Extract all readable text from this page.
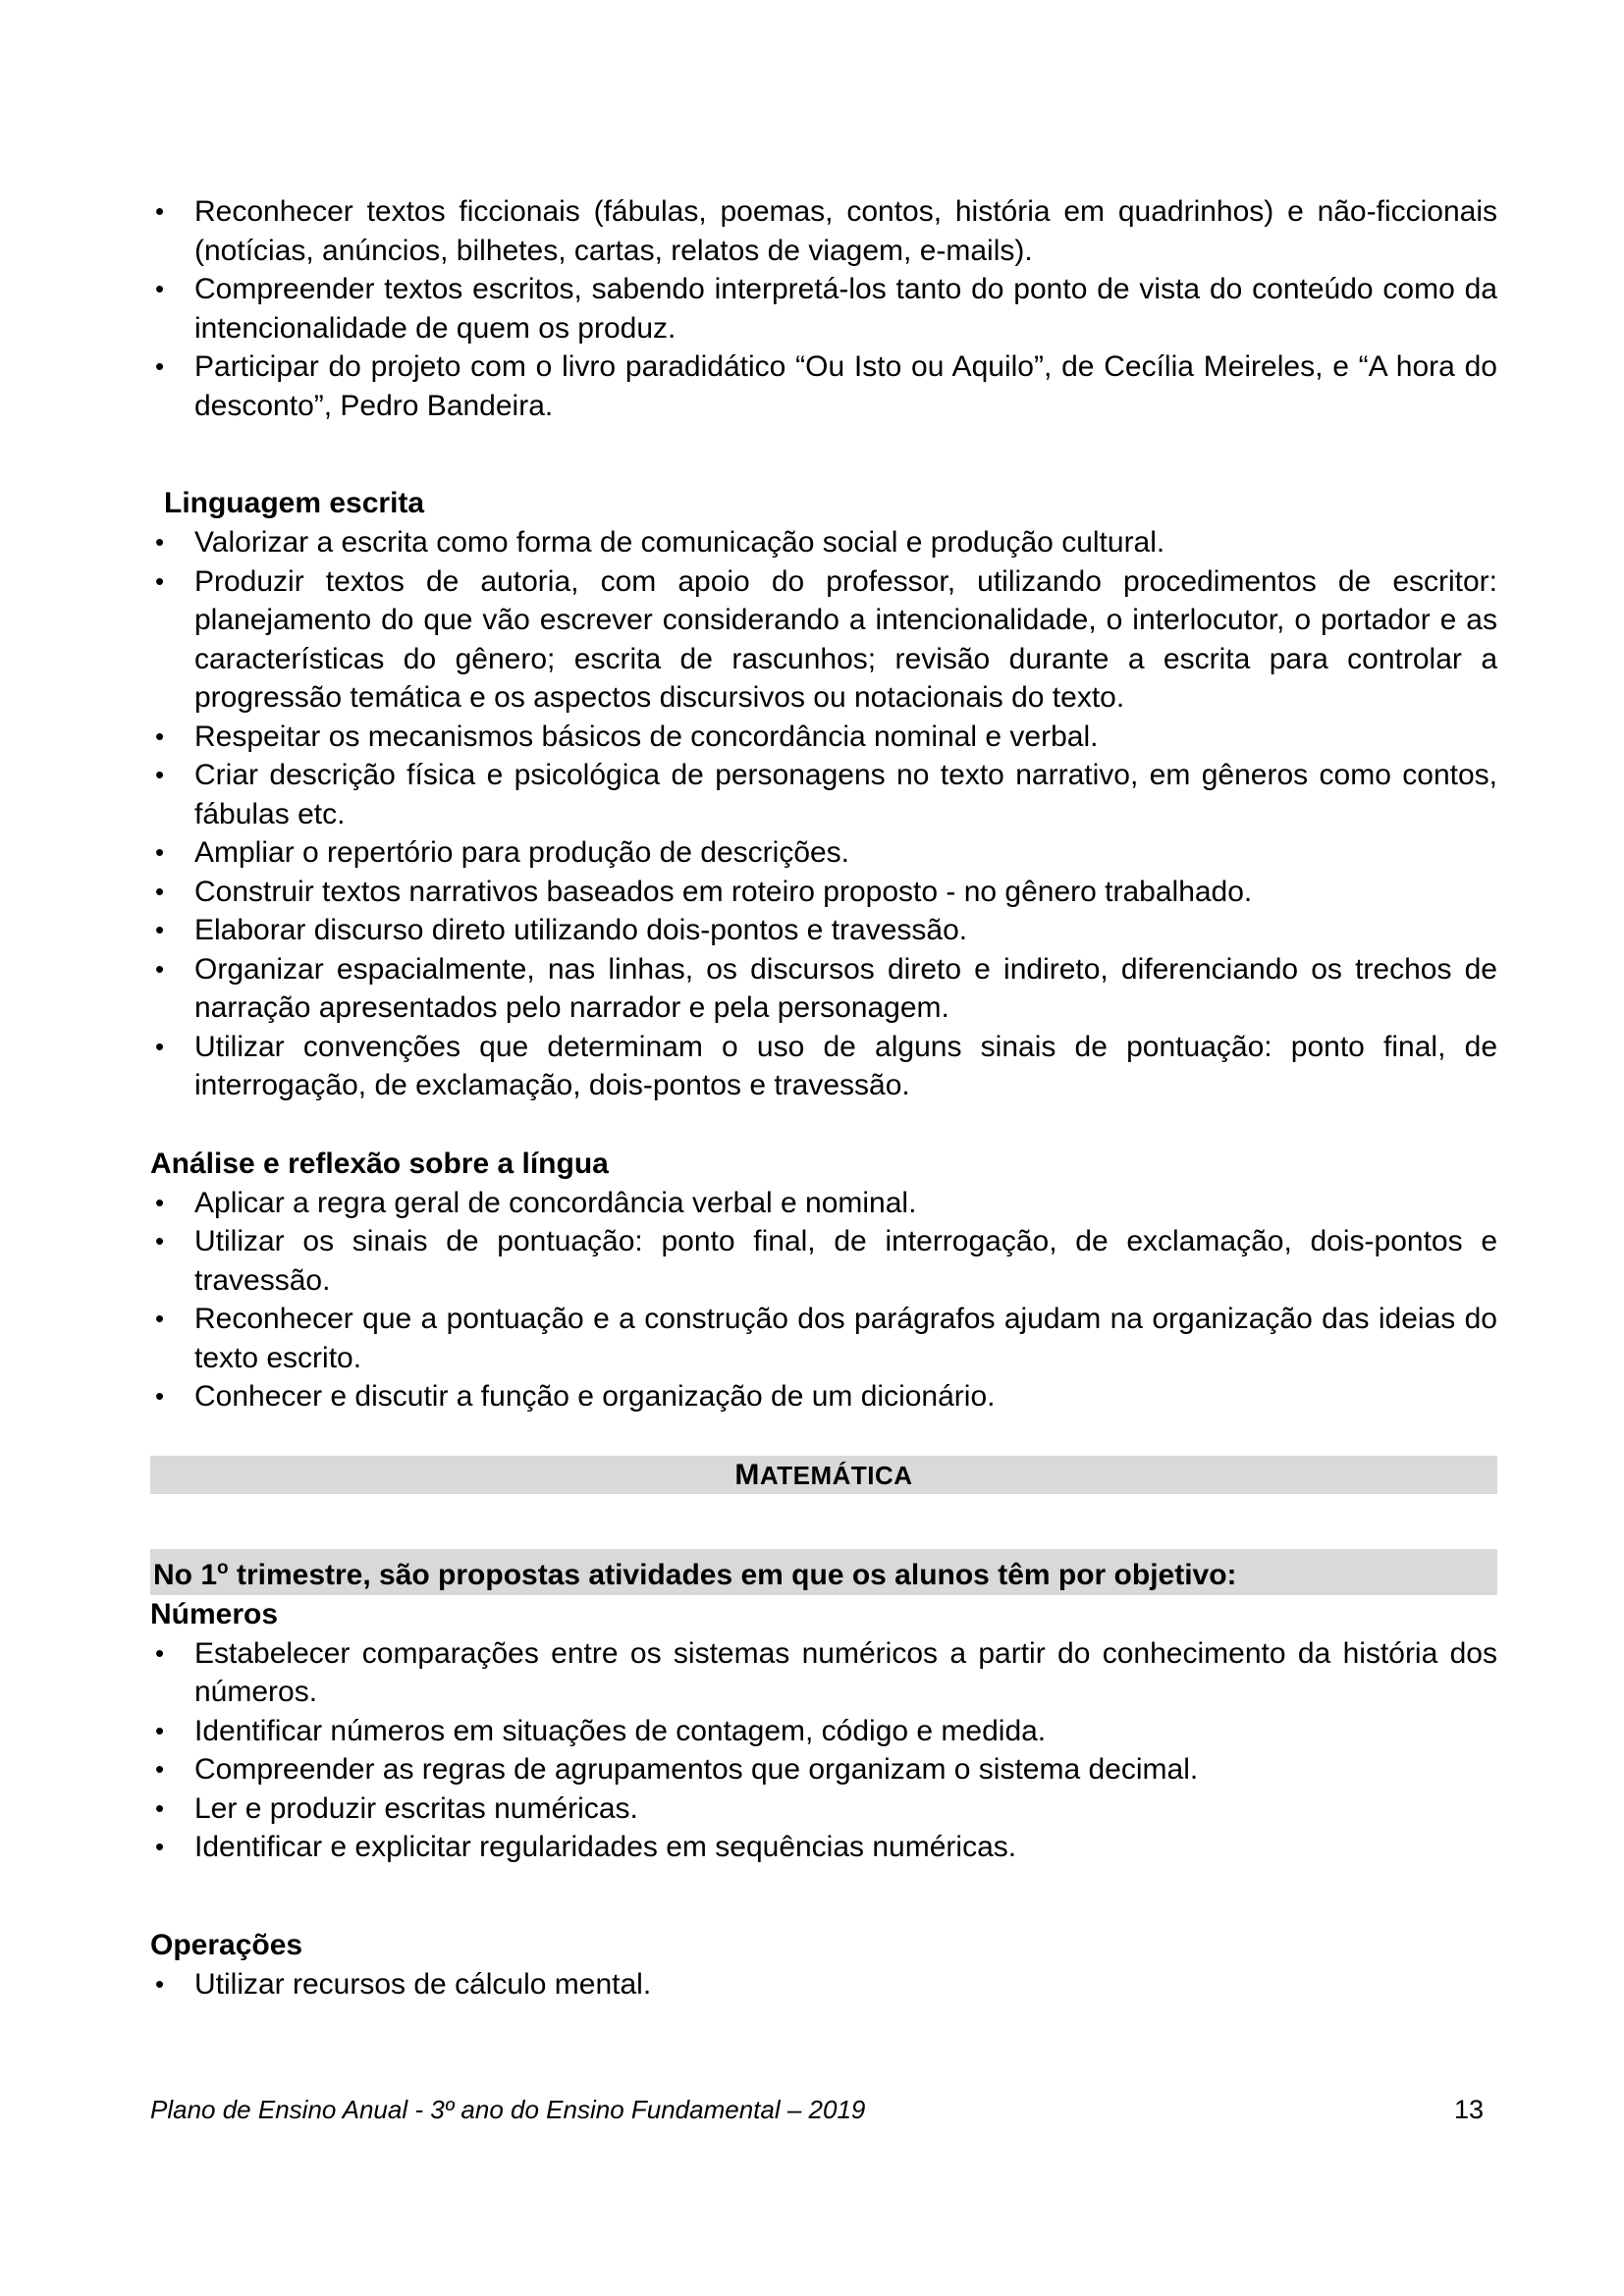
• Reconhecer textos ficcionais (fábulas, poemas, contos, história em quadrinhos) e não-ficcionais (notícias, anúncios, bilhetes, cartas, relatos de viagem, e-mails).
• Compreender textos escritos, sabendo interpretá-los tanto do ponto de vista do conteúdo como da intencionalidade de quem os produz.
• Participar do projeto com o livro paradidático “Ou Isto ou Aquilo”, de Cecília Meireles, e “A hora do desconto”, Pedro Bandeira.
Linguagem escrita
• Valorizar a escrita como forma de comunicação social e produção cultural.
• Produzir textos de autoria, com apoio do professor, utilizando procedimentos de escritor: planejamento do que vão escrever considerando a intencionalidade, o interlocutor, o portador e as características do gênero; escrita de rascunhos; revisão durante a escrita para controlar a progressão temática e os aspectos discursivos ou notacionais do texto.
• Respeitar os mecanismos básicos de concordância nominal e verbal.
• Criar descrição física e psicológica de personagens no texto narrativo, em gêneros como contos, fábulas etc.
• Ampliar o repertório para produção de descrições.
• Construir textos narrativos baseados em roteiro proposto - no gênero trabalhado.
• Elaborar discurso direto utilizando dois-pontos e travessão.
• Organizar espacialmente, nas linhas, os discursos direto e indireto, diferenciando os trechos de narração apresentados pelo narrador e pela personagem.
• Utilizar convenções que determinam o uso de alguns sinais de pontuação: ponto final, de interrogação, de exclamação, dois-pontos e travessão.
Análise e reflexão sobre a língua
• Aplicar a regra geral de concordância verbal e nominal.
• Utilizar os sinais de pontuação: ponto final, de interrogação, de exclamação, dois-pontos e travessão.
• Reconhecer que a pontuação e a construção dos parágrafos ajudam na organização das ideias do texto escrito.
• Conhecer e discutir a função e organização de um dicionário.
MATEMÁTICA
No 1$^o$ trimestre, são propostas atividades em que os alunos têm por objetivo:
Números
• Estabelecer comparações entre os sistemas numéricos a partir do conhecimento da história dos números.
• Identificar números em situações de contagem, código e medida.
• Compreender as regras de agrupamentos que organizam o sistema decimal.
• Ler e produzir escritas numéricas.
• Identificar e explicitar regularidades em sequências numéricas.
Operações
• Utilizar recursos de cálculo mental.
Plano de Ensino Anual - 3º ano do Ensino Fundamental – 2019	13
